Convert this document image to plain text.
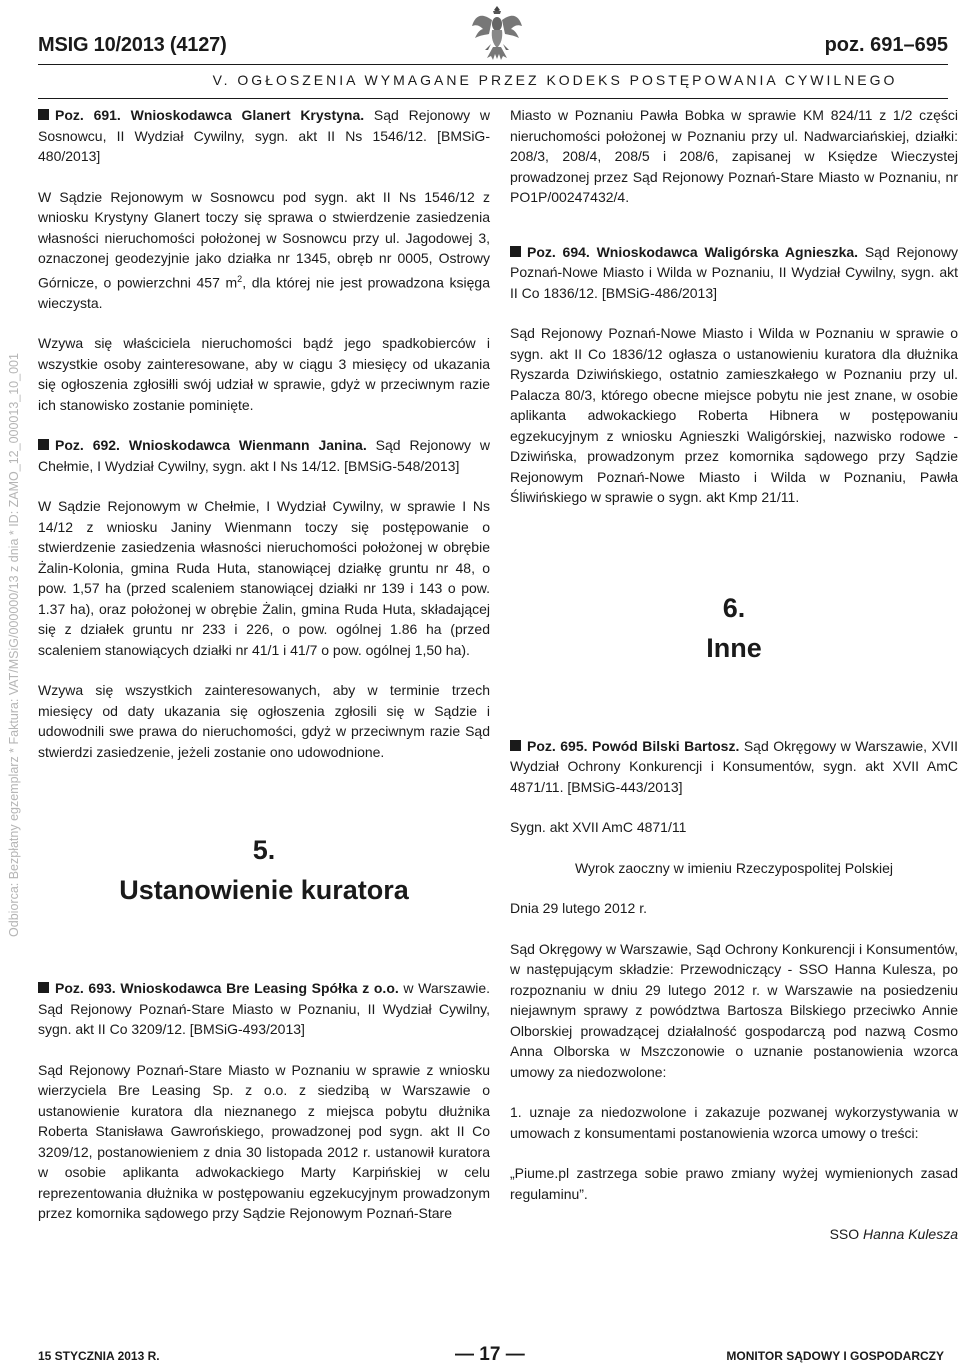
MSIG 10/2013 (4127)	poz. 691–695
V. OGŁOSZENIA WYMAGANE PRZEZ KODEKS POSTĘPOWANIA CYWILNEGO
Odbiorca: Bezpłatny egzemplarz * Faktura: VAT/MSiG/000000/13 z dnia * ID: ZAMO_12_000013_10_001

Poz. 691. Wnioskodawca Glanert Krystyna. Sąd Rejonowy w Sosnowcu, II Wydział Cywilny, sygn. akt II Ns 1546/12. [BMSiG-480/2013]

W Sądzie Rejonowym w Sosnowcu pod sygn. akt II Ns 1546/12 z wniosku Krystyny Glanert toczy się sprawa o stwierdzenie zasiedzenia własności nieruchomości położonej w Sosnowcu przy ul. Jagodowej 3, oznaczonej geodezyjnie jako działka nr 1345, obręb nr 0005, Ostrowy Górnicze, o powierzchni 457 $m^2$, dla której nie jest prowadzona księga wieczysta.

Wzywa się właściciela nieruchomości bądź jego spadkobierców i wszystkie osoby zainteresowane, aby w ciągu 3 miesięcy od ukazania się ogłoszenia zgłosiłli swój udział w sprawie, gdyż w przeciwnym razie ich stanowisko zostanie pominięte.

Poz. 692. Wnioskodawca Wienmann Janina. Sąd Rejonowy w Chełmie, I Wydział Cywilny, sygn. akt I Ns 14/12. [BMSiG-548/2013]

W Sądzie Rejonowym w Chełmie, I Wydział Cywilny, w sprawie I Ns 14/12 z wniosku Janiny Wienmann toczy się postępowanie o stwierdzenie zasiedzenia własności nieruchomości położonej w obrębie Żalin-Kolonia, gmina Ruda Huta, stanowiącej działkę gruntu nr 48, o pow. 1,57 ha (przed scaleniem stanowiącej działki nr 139 i 143 o pow. 1.37 ha), oraz położonej w obrębie Żalin, gmina Ruda Huta, składającej się z działek gruntu nr 233 i 226, o pow. ogólnej 1.86 ha (przed scaleniem stanowiących działki nr 41/1 i 41/7 o pow. ogólnej 1,50 ha).

Wzywa się wszystkich zainteresowanych, aby w terminie trzech miesięcy od daty ukazania się ogłoszenia zgłosili się w Sądzie i udowodnili swe prawa do nieruchomości, gdyż w przeciwnym razie Sąd stwierdzi zasiedzenie, jeżeli zostanie ono udowodnione.

5.
Ustanowienie kuratora

Poz. 693. Wnioskodawca Bre Leasing Spółka z o.o. w Warszawie. Sąd Rejonowy Poznań-Stare Miasto w Poznaniu, II Wydział Cywilny, sygn. akt II Co 3209/12. [BMSiG-493/2013]

Sąd Rejonowy Poznań-Stare Miasto w Poznaniu w sprawie z wniosku wierzyciela Bre Leasing Sp. z o.o. z siedzibą w Warszawie o ustanowienie kuratora dla nieznanego z miejsca pobytu dłużnika Roberta Stanisława Gawrońskiego, prowadzonej pod sygn. akt II Co 3209/12, postanowieniem z dnia 30 listopada 2012 r. ustanowił kuratora w osobie aplikanta adwokackiego Marty Karpińskiej w celu reprezentowania dłużnika w postępowaniu egzekucyjnym prowadzonym przez komornika sądowego przy Sądzie Rejonowym Poznań-Stare

Miasto w Poznaniu Pawła Bobka w sprawie KM 824/11 z 1/2 części nieruchomości położonej w Poznaniu przy ul. Nadwarciańskiej, działki: 208/3, 208/4, 208/5 i 208/6, zapisanej w Księdze Wieczystej prowadzonej przez Sąd Rejonowy Poznań-Stare Miasto w Poznaniu, nr PO1P/00247432/4.

Poz. 694. Wnioskodawca Waligórska Agnieszka. Sąd Rejonowy Poznań-Nowe Miasto i Wilda w Poznaniu, II Wydział Cywilny, sygn. akt II Co 1836/12. [BMSiG-486/2013]

Sąd Rejonowy Poznań-Nowe Miasto i Wilda w Poznaniu w sprawie o sygn. akt II Co 1836/12 ogłasza o ustanowieniu kuratora dla dłużnika Ryszarda Dziwińskiego, ostatnio zamieszkałego w Poznaniu przy ul. Palacza 80/3, którego obecne miejsce pobytu nie jest znane, w osobie aplikanta adwokackiego Roberta Hibnera w postępowaniu egzekucyjnym z wniosku Agnieszki Waligórskiej, nazwisko rodowe - Dziwińska, prowadzonym przez komornika sądowego przy Sądzie Rejonowym Poznań-Nowe Miasto i Wilda w Poznaniu, Pawła Śliwińskiego w sprawie o sygn. akt Kmp 21/11.

6.
Inne

Poz. 695. Powód Bilski Bartosz. Sąd Okręgowy w Warszawie, XVII Wydział Ochrony Konkurencji i Konsumentów, sygn. akt XVII AmC 4871/11. [BMSiG-443/2013]

Sygn. akt XVII AmC 4871/11

Wyrok zaoczny w imieniu Rzeczypospolitej Polskiej

Dnia 29 lutego 2012 r.

Sąd Okręgowy w Warszawie, Sąd Ochrony Konkurencji i Konsumentów, w następującym składzie: Przewodniczący - SSO Hanna Kulesza, po rozpoznaniu w dniu 29 lutego 2012 r. w Warszawie na posiedzeniu niejawnym sprawy z powództwa Bartosza Bilskiego przeciwko Annie Olborskiej prowadzącej działalność gospodarczą pod nazwą Cosmo Anna Olborska w Mszczonowie o uznanie postanowienia wzorca umowy za niedozwolone:

1. uznaje za niedozwolone i zakazuje pozwanej wykorzystywania w umowach z konsumentami postanowienia wzorca umowy o treści:

„Piume.pl zastrzega sobie prawo zmiany wyżej wymienionych zasad regulaminu”.

SSO Hanna Kulesza

15 STYCZNIA 2013 R.	— 17 —	MONITOR SĄDOWY I GOSPODARCZY
